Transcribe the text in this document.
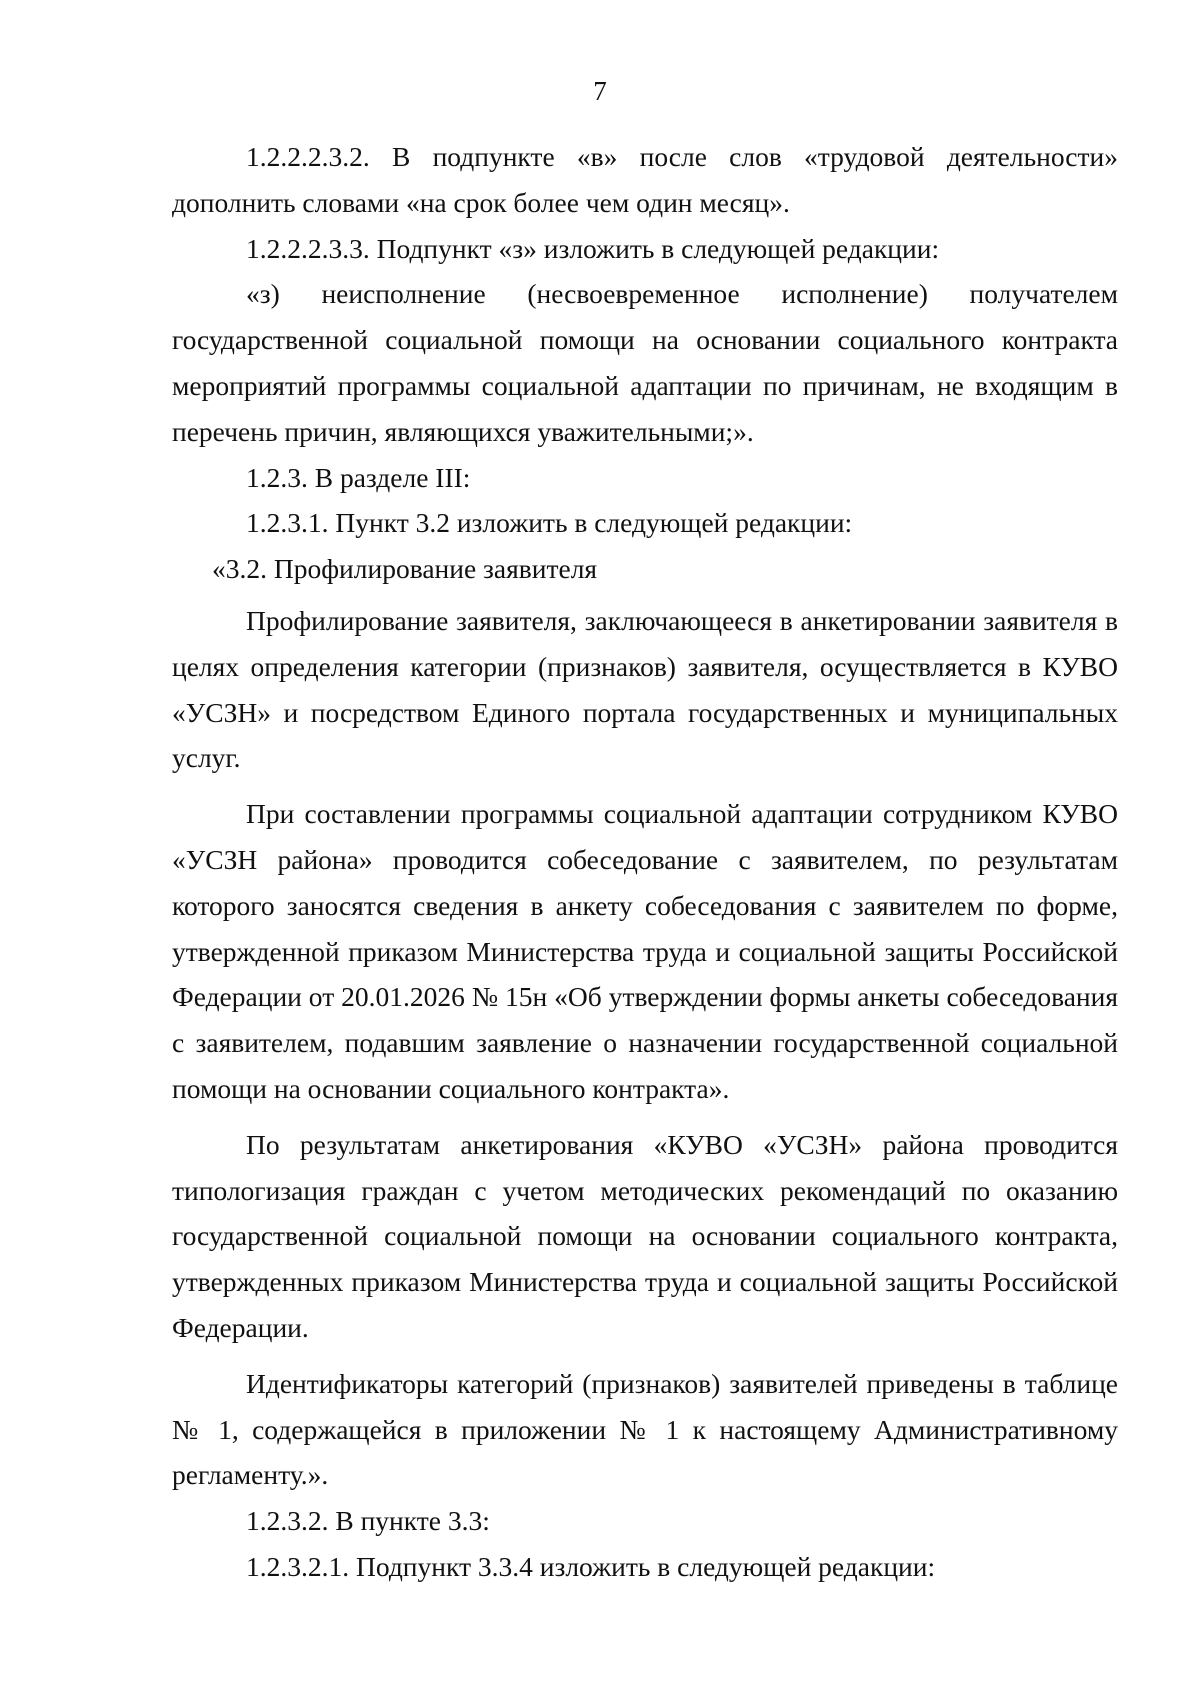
7

1.2.2.2.3.2. В подпункте «в» после слов «трудовой деятельности» дополнить словами «на срок более чем один месяц».

1.2.2.2.3.3. Подпункт «з» изложить в следующей редакции:

«з) неисполнение (несвоевременное исполнение) получателем государственной социальной помощи на основании социального контракта мероприятий программы социальной адаптации по причинам, не входящим в перечень причин, являющихся уважительными;».

1.2.3. В разделе III:

1.2.3.1. Пункт 3.2 изложить в следующей редакции:

«3.2. Профилирование заявителя

Профилирование заявителя, заключающееся в анкетировании заявителя в целях определения категории (признаков) заявителя, осуществляется в КУВО «УСЗН» и посредством Единого портала государственных и муниципальных услуг.

При составлении программы социальной адаптации сотрудником КУВО «УСЗН района» проводится собеседование с заявителем, по результатам которого заносятся сведения в анкету собеседования с заявителем по форме, утвержденной приказом Министерства труда и социальной защиты Российской Федерации от 20.01.2026 № 15н «Об утверждении формы анкеты собеседования с заявителем, подавшим заявление о назначении государственной социальной помощи на основании социального контракта».

По результатам анкетирования «КУВО «УСЗН» района проводится типологизация граждан с учетом методических рекомендаций по оказанию государственной социальной помощи на основании социального контракта, утвержденных приказом Министерства труда и социальной защиты Российской Федерации.

Идентификаторы категорий (признаков) заявителей приведены в таблице № 1, содержащейся в приложении № 1 к настоящему Административному регламенту.».

1.2.3.2. В пункте 3.3:

1.2.3.2.1. Подпункт 3.3.4 изложить в следующей редакции:
